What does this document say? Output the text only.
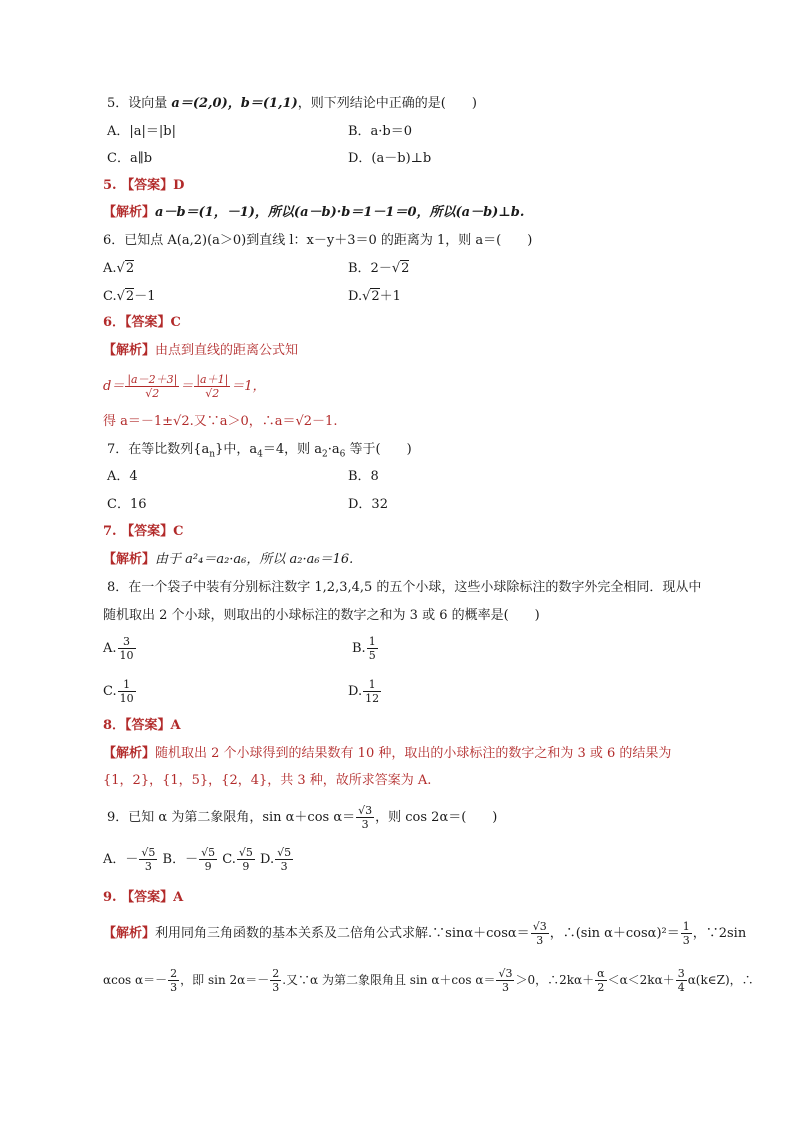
5．设向量 a＝(2,0)，b＝(1,1)，则下列结论中正确的是(　　)
A．|a|＝|b|	B．a·b＝0
C．a∥b	D．(a－b)⊥b
5. 【答案】D
【解析】a－b＝(1，－1)，所以(a－b)·b＝1－1＝0，所以(a－b)⊥b.
6．已知点 A(a,2)(a＞0)到直线 l：x－y＋3＝0 的距离为 1，则 a＝(　　)
A.√2	B．2－√2
C.√2－1	D.√2＋1
6．【答案】C
【解析】由点到直线的距离公式知
$d= \frac{|a-2+3|}{√2} = \frac{|a+1|}{√2} =1$，
得 a＝－1±√2.又∵a＞0，∴a＝√2－1.
7．在等比数列$\{a_n\}$中，$a_4=4$，则 $a_2\cdot a_6$ 等于(　　)
A．4	B．8
C．16	D．32
7. 【答案】C
【解析】由于 a²₄＝a₂·a₆，所以 a₂·a₆＝16.
8．在一个袋子中装有分别标注数字 1,2,3,4,5 的五个小球，这些小球除标注的数字外完全相同．现从中
随机取出 2 个小球，则取出的小球标注的数字之和为 3 或 6 的概率是(　　)
A. $\frac{3}{10}$	B. $\frac{1}{5}$
C. $\frac{1}{10}$	D. $\frac{1}{12}$
8．【答案】A
【解析】随机取出 2 个小球得到的结果数有 10 种，取出的小球标注的数字之和为 3 或 6 的结果为
{1，2}，{1，5}，{2，4}，共 3 种，故所求答案为 A.
9．已知 α 为第二象限角，sin α＋cos $\alpha= \frac{√3}{3}$ ，则 cos 2α＝(　　)
A．－ $\frac{√5}{3}$ B．－ $\frac{√5}{9} C$. $\frac{√5}{9} D$. $\frac{√5}{3}$
9. 【答案】A
【解析】利用同角三角函数的基本关系及二倍角公式求解.∵sinα＋cosα＝ $\frac{√3}{3}$ ，∴(sin $\alpha+\cos\alpha)^2= \frac{1}{3}$ ，∵2sin
αcos $\alpha=- \frac{2}{3}$ ，即 $\sin 2\alpha=- \frac{2}{3}$ .又∵α 为第二象限角且 sin α＋cos $\alpha= \frac{√3}{3} >0$，∴2kα＋ $\frac{\alpha}{2} <\alpha<2k\alpha+ \frac{3}{4}$ α(k∈Z)，∴
